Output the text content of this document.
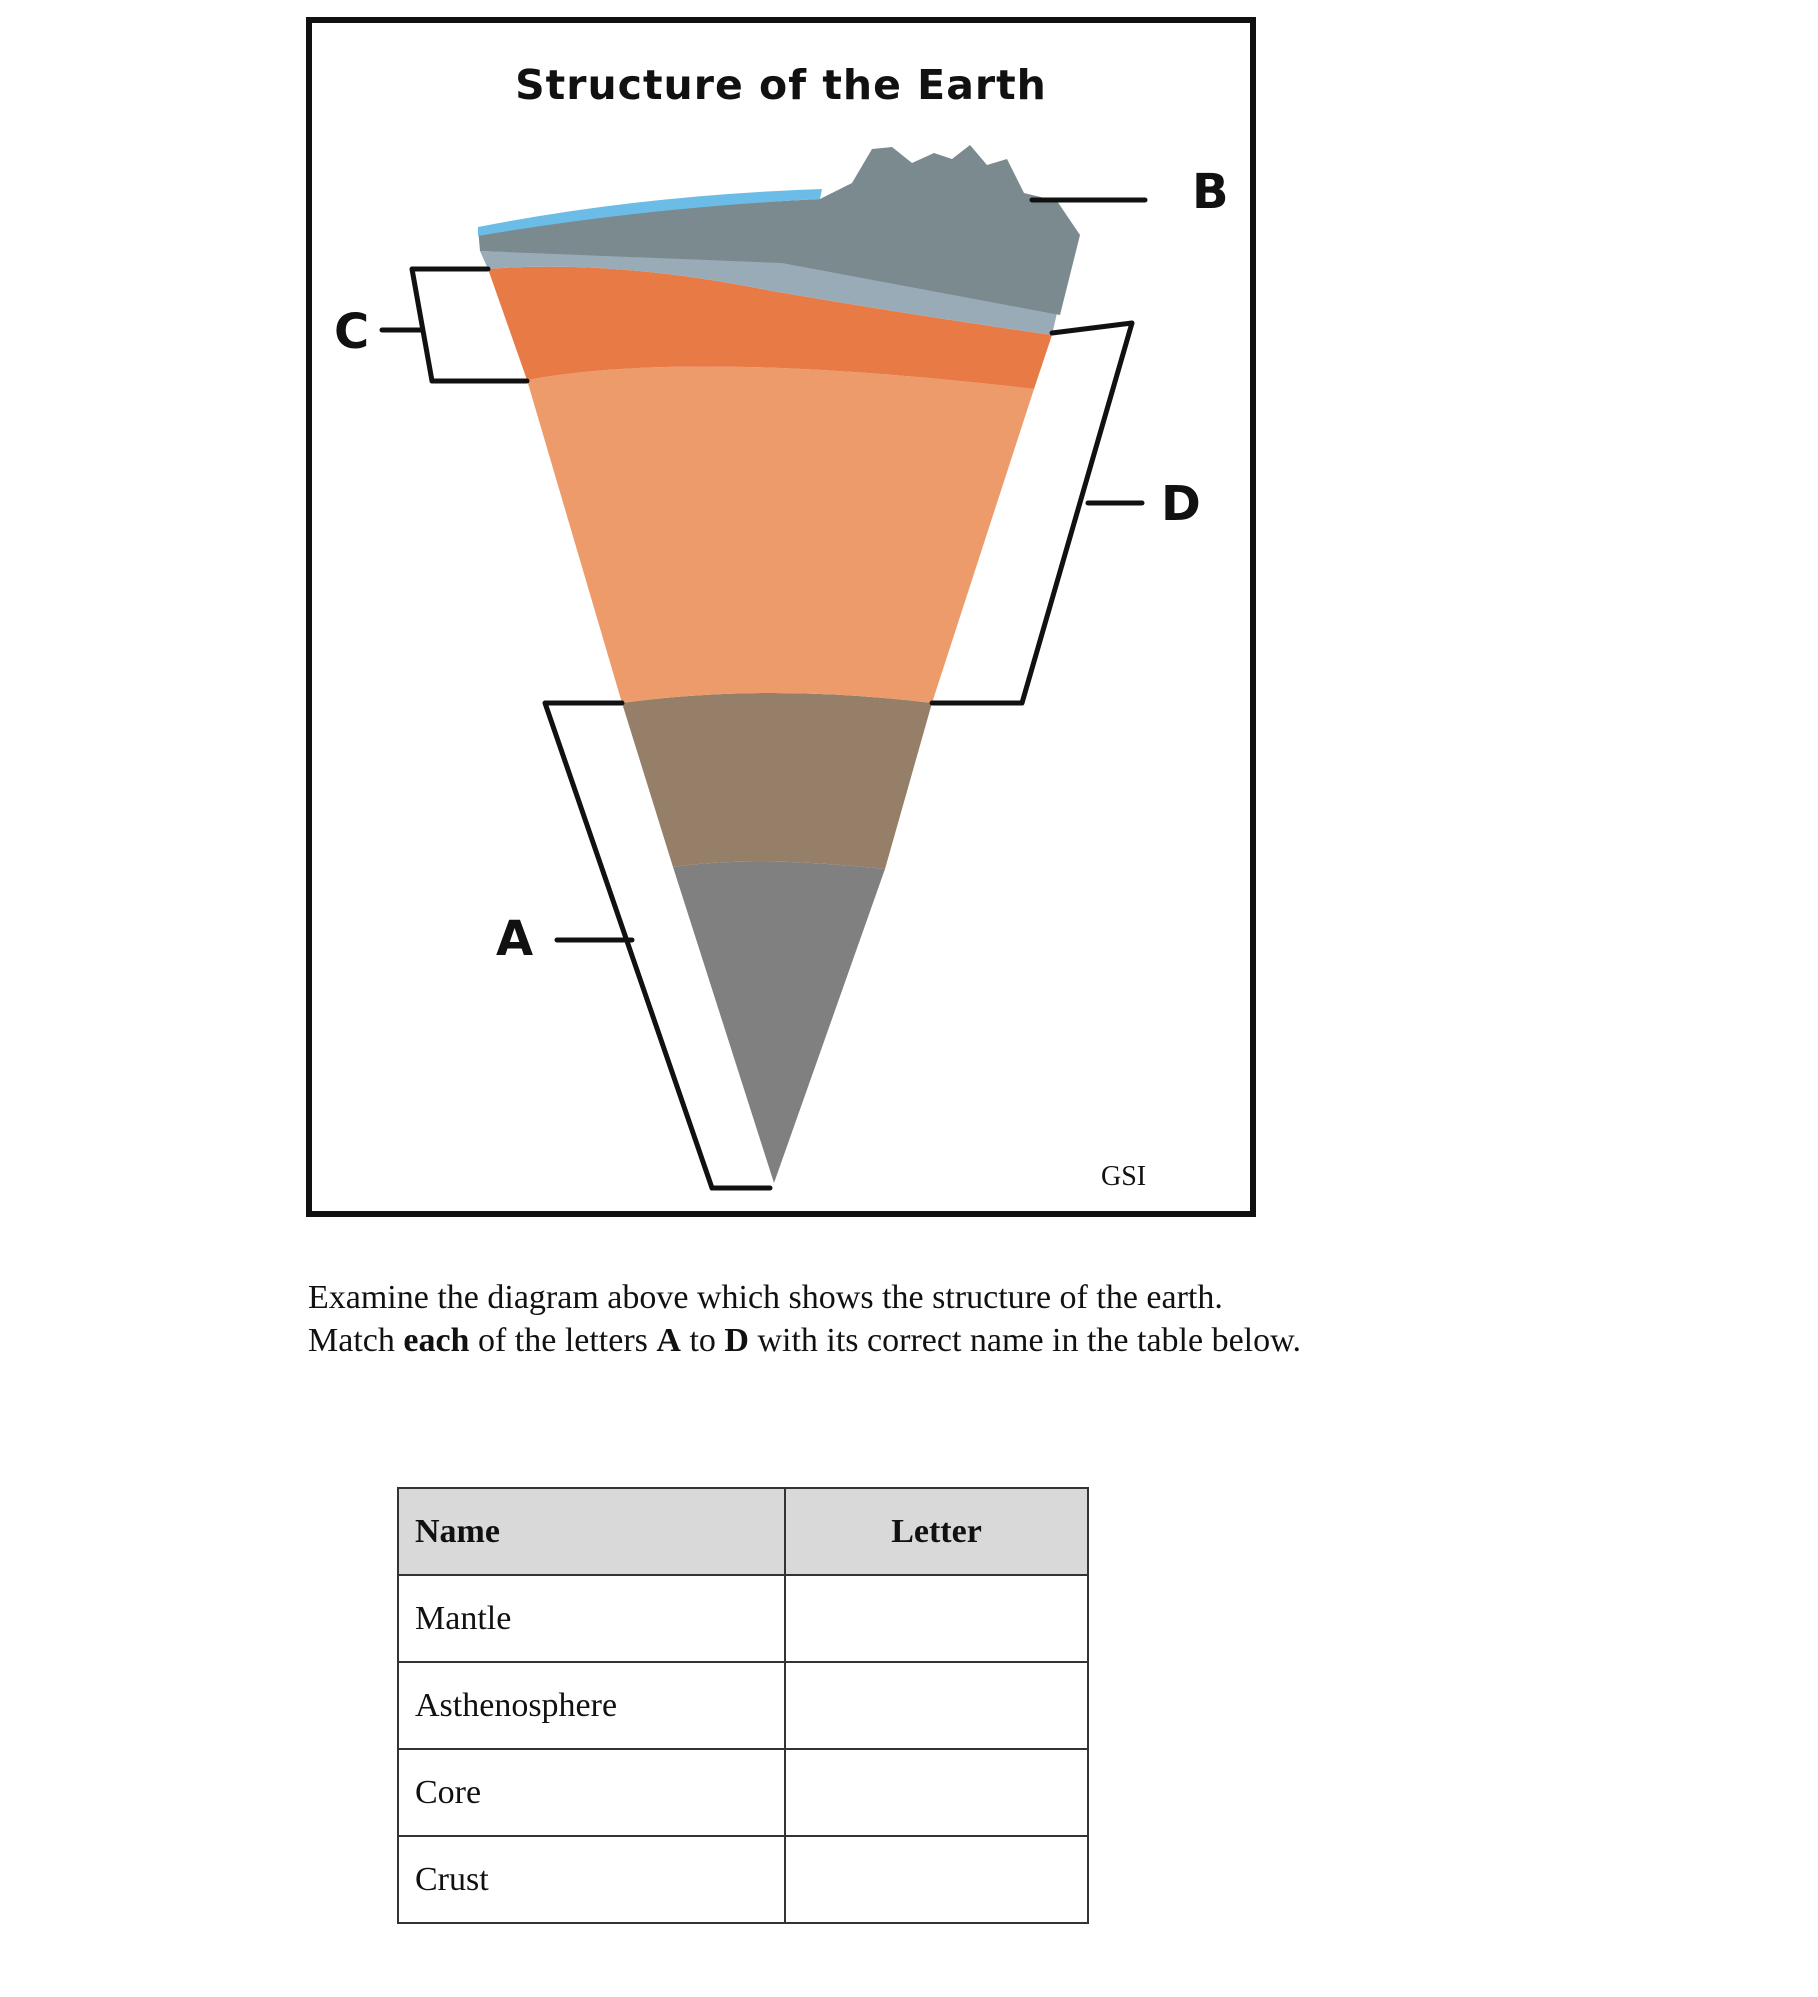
C
B
D
A
GSI
Structure of the Earth
Examine the diagram above which shows the structure of the earth.
Match each of the letters A to D with its correct name in the table below.
Name	Letter
Mantle	
Asthenosphere	
Core	
Crust	
